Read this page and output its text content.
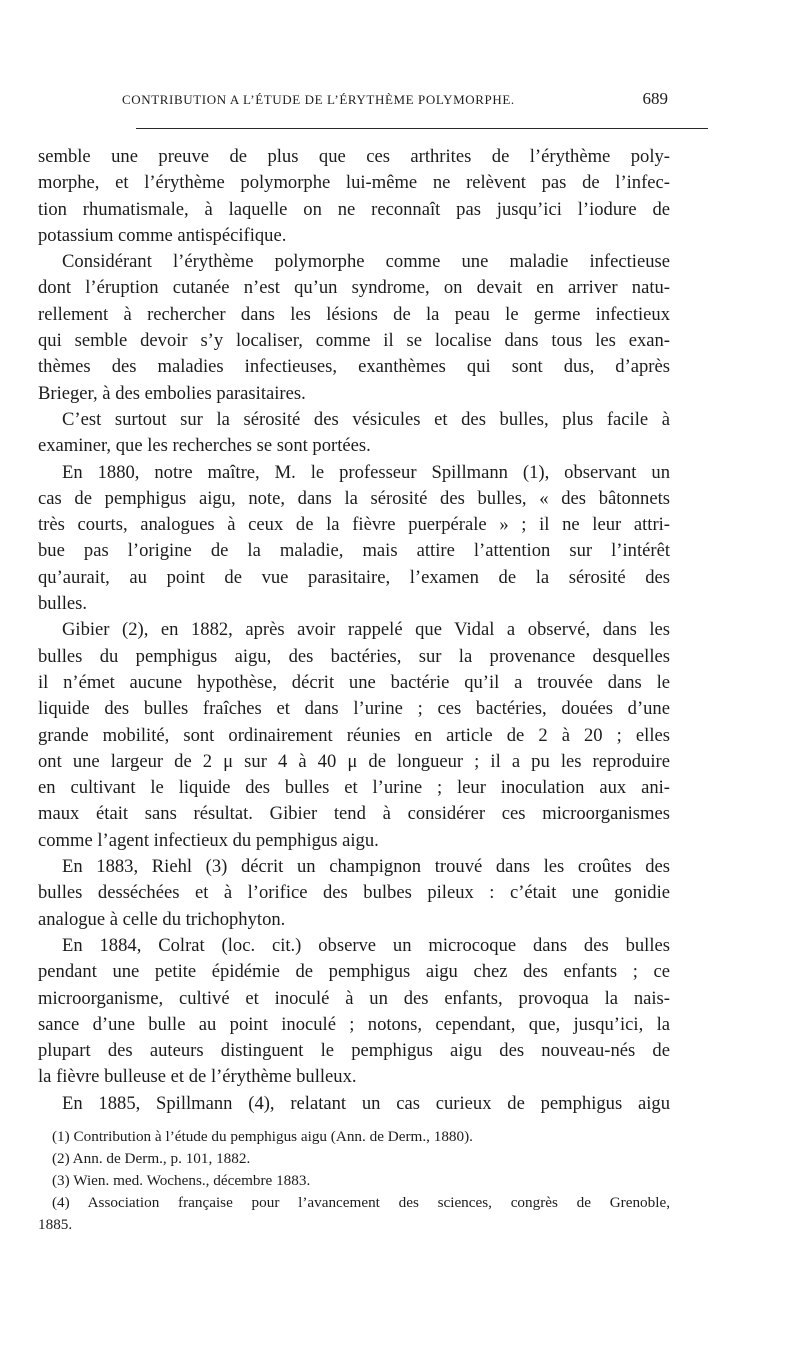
CONTRIBUTION A L’ÉTUDE DE L’ÉRYTHÈME POLYMORPHE.	689
semble une preuve de plus que ces arthrites de l’érythème poly-
morphe, et l’érythème polymorphe lui-même ne relèvent pas de l’infec-
tion rhumatismale, à laquelle on ne reconnaît pas jusqu’ici l’iodure de
potassium comme antispécifique.
Considérant l’érythème polymorphe comme une maladie infectieuse
dont l’éruption cutanée n’est qu’un syndrome, on devait en arriver natu-
rellement à rechercher dans les lésions de la peau le germe infectieux
qui semble devoir s’y localiser, comme il se localise dans tous les exan-
thèmes des maladies infectieuses, exanthèmes qui sont dus, d’après
Brieger, à des embolies parasitaires.
C’est surtout sur la sérosité des vésicules et des bulles, plus facile à
examiner, que les recherches se sont portées.
En 1880, notre maître, M. le professeur Spillmann (1), observant un
cas de pemphigus aigu, note, dans la sérosité des bulles, « des bâtonnets
très courts, analogues à ceux de la fièvre puerpérale » ; il ne leur attri-
bue pas l’origine de la maladie, mais attire l’attention sur l’intérêt
qu’aurait, au point de vue parasitaire, l’examen de la sérosité des
bulles.
Gibier (2), en 1882, après avoir rappelé que Vidal a observé, dans les
bulles du pemphigus aigu, des bactéries, sur la provenance desquelles
il n’émet aucune hypothèse, décrit une bactérie qu’il a trouvée dans le
liquide des bulles fraîches et dans l’urine ; ces bactéries, douées d’une
grande mobilité, sont ordinairement réunies en article de 2 à 20 ; elles
ont une largeur de 2 μ sur 4 à 40 μ de longueur ; il a pu les reproduire
en cultivant le liquide des bulles et l’urine ; leur inoculation aux ani-
maux était sans résultat. Gibier tend à considérer ces microorganismes
comme l’agent infectieux du pemphigus aigu.
En 1883, Riehl (3) décrit un champignon trouvé dans les croûtes des
bulles desséchées et à l’orifice des bulbes pileux : c’était une gonidie
analogue à celle du trichophyton.
En 1884, Colrat (loc. cit.) observe un microcoque dans des bulles
pendant une petite épidémie de pemphigus aigu chez des enfants ; ce
microorganisme, cultivé et inoculé à un des enfants, provoqua la nais-
sance d’une bulle au point inoculé ; notons, cependant, que, jusqu’ici, la
plupart des auteurs distinguent le pemphigus aigu des nouveau-nés de
la fièvre bulleuse et de l’érythème bulleux.
En 1885, Spillmann (4), relatant un cas curieux de pemphigus aigu
(1) Contribution à l’étude du pemphigus aigu (Ann. de Derm., 1880).
(2) Ann. de Derm., p. 101, 1882.
(3) Wien. med. Wochens., décembre 1883.
(4) Association française pour l’avancement des sciences, congrès de Grenoble,
1885.
